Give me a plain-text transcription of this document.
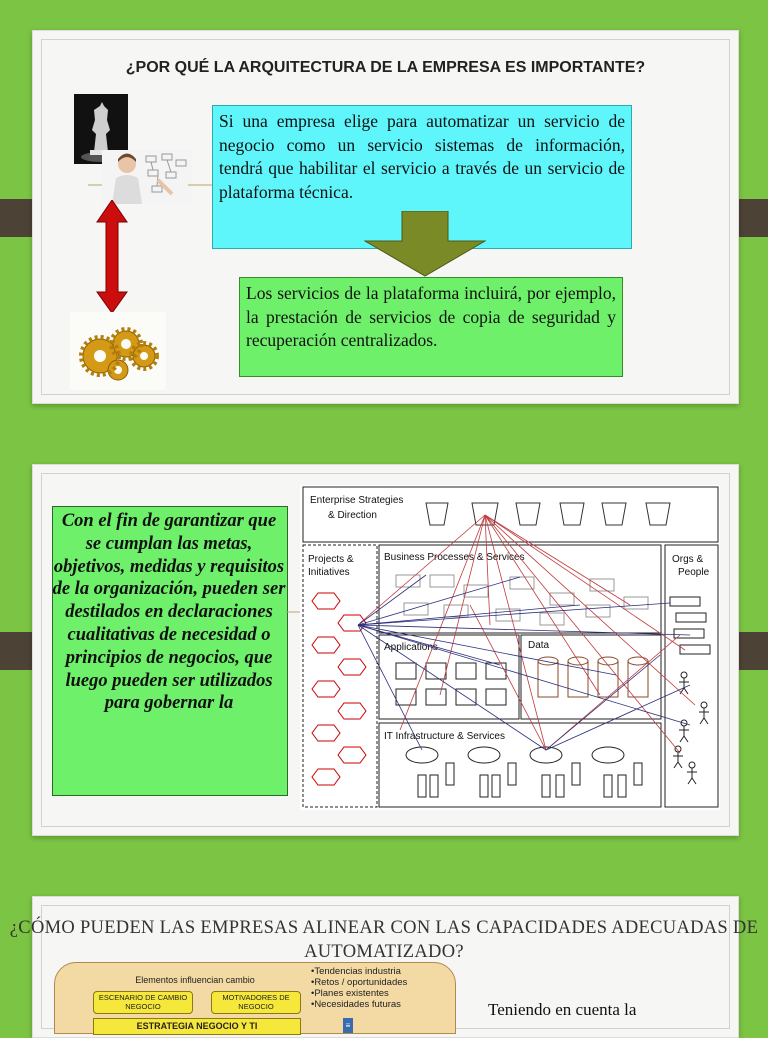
¿POR QUÉ LA ARQUITECTURA DE LA EMPRESA ES IMPORTANTE?

Si una empresa elige para automatizar un servicio de negocio como un servicio sistemas de información, tendrá que habilitar el servicio a través de un servicio de plataforma técnica.

Los servicios de la plataforma incluirá, por ejemplo, la prestación de servicios de copia de seguridad y recuperación centralizados.

Con el fin de garantizar que se cumplan las metas, objetivos, medidas y requisitos de la organización, pueden ser destilados en declaraciones cualitativas de necesidad o principios de negocios, que luego pueden ser utilizados para gobernar la
Enterprise Strategies
& Direction
Projects &
Initiatives
Business Processes & Services
Applications	Data
Orgs &
People
IT Infrastructure & Services
¿CÓMO PUEDEN LAS EMPRESAS ALINEAR CON LAS CAPACIDADES ADECUADAS DE AUTOMATIZADO?
Elementos influencian cambio
ESCENARIO DE CAMBIO NEGOCIO
MOTIVADORES DE NEGOCIO
ESTRATEGIA NEGOCIO Y TI	≡
•Tendencias industria
•Retos / oportunidades
•Planes existentes
•Necesidades futuras	Teniendo en cuenta la
